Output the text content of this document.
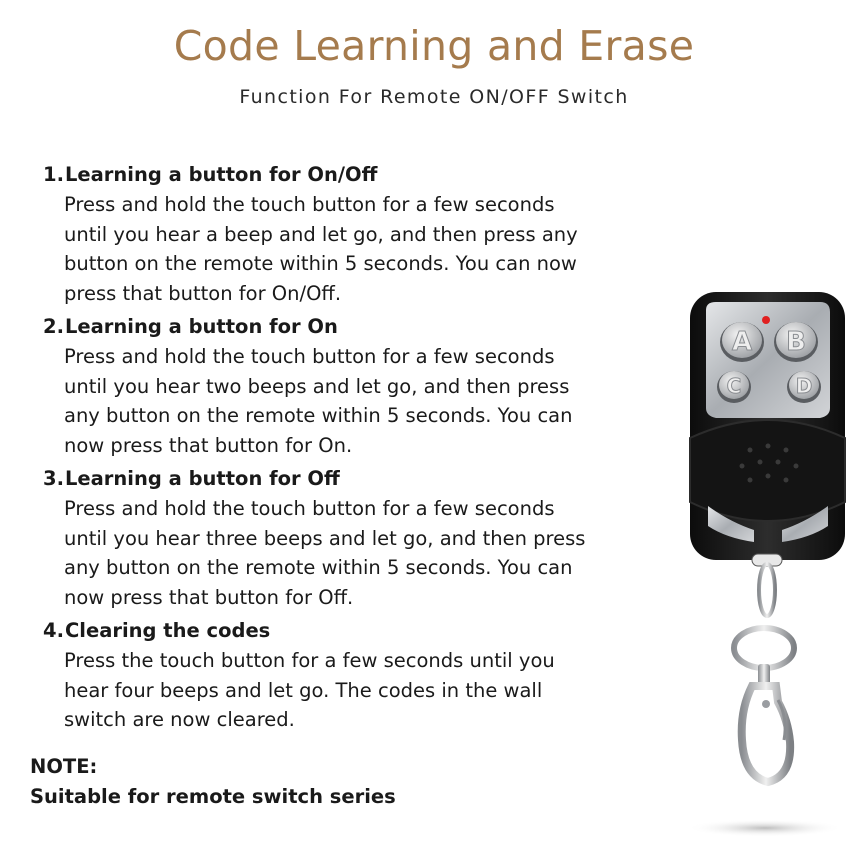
Code Learning and Erase
Function For Remote ON/OFF Switch
1. Learning a button for On/Off
Press and hold the touch button for a few seconds
until you hear a beep and let go, and then press any
button on the remote within 5 seconds. You can now
press that button for On/Off.
2. Learning a button for On
Press and hold the touch button for a few seconds
until you hear two beeps and let go, and then press
any button on the remote within 5 seconds. You can
now press that button for On.
3. Learning a button for Off
Press and hold the touch button for a few seconds
until you hear three beeps and let go, and then press
any button on the remote within 5 seconds. You can
now press that button for Off.
4. Clearing the codes
Press the touch button for a few seconds until you
hear four beeps and let go. The codes in the wall
switch are now cleared.
NOTE:
Suitable for remote switch series
A B
C	D
